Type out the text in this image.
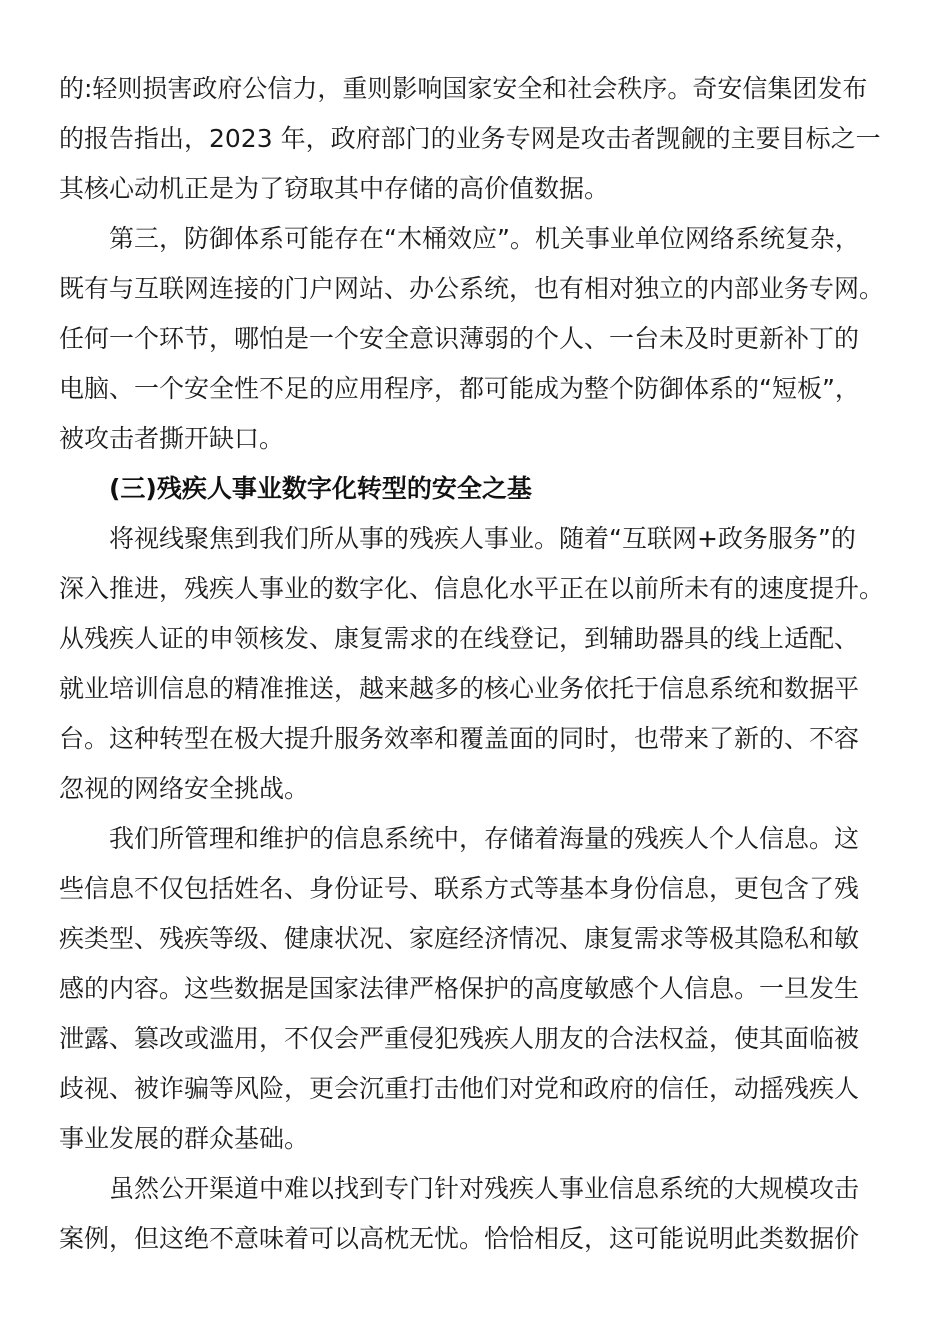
的:轻则损害政府公信力，重则影响国家安全和社会秩序。奇安信集团发布
的报告指出，2023 年，政府部门的业务专网是攻击者觊觎的主要目标之一
其核心动机正是为了窃取其中存储的高价值数据。
第三，防御体系可能存在“木桶效应”。机关事业单位网络系统复杂，
既有与互联网连接的门户网站、办公系统，也有相对独立的内部业务专网。
任何一个环节，哪怕是一个安全意识薄弱的个人、一台未及时更新补丁的
电脑、一个安全性不足的应用程序，都可能成为整个防御体系的“短板”，
被攻击者撕开缺口。
(三)残疾人事业数字化转型的安全之基
将视线聚焦到我们所从事的残疾人事业。随着“互联网+政务服务”的
深入推进，残疾人事业的数字化、信息化水平正在以前所未有的速度提升。
从残疾人证的申领核发、康复需求的在线登记，到辅助器具的线上适配、
就业培训信息的精准推送，越来越多的核心业务依托于信息系统和数据平
台。这种转型在极大提升服务效率和覆盖面的同时，也带来了新的、不容
忽视的网络安全挑战。
我们所管理和维护的信息系统中，存储着海量的残疾人个人信息。这
些信息不仅包括姓名、身份证号、联系方式等基本身份信息，更包含了残
疾类型、残疾等级、健康状况、家庭经济情况、康复需求等极其隐私和敏
感的内容。这些数据是国家法律严格保护的高度敏感个人信息。一旦发生
泄露、篡改或滥用，不仅会严重侵犯残疾人朋友的合法权益，使其面临被
歧视、被诈骗等风险，更会沉重打击他们对党和政府的信任，动摇残疾人
事业发展的群众基础。
虽然公开渠道中难以找到专门针对残疾人事业信息系统的大规模攻击
案例，但这绝不意味着可以高枕无忧。恰恰相反，这可能说明此类数据价
